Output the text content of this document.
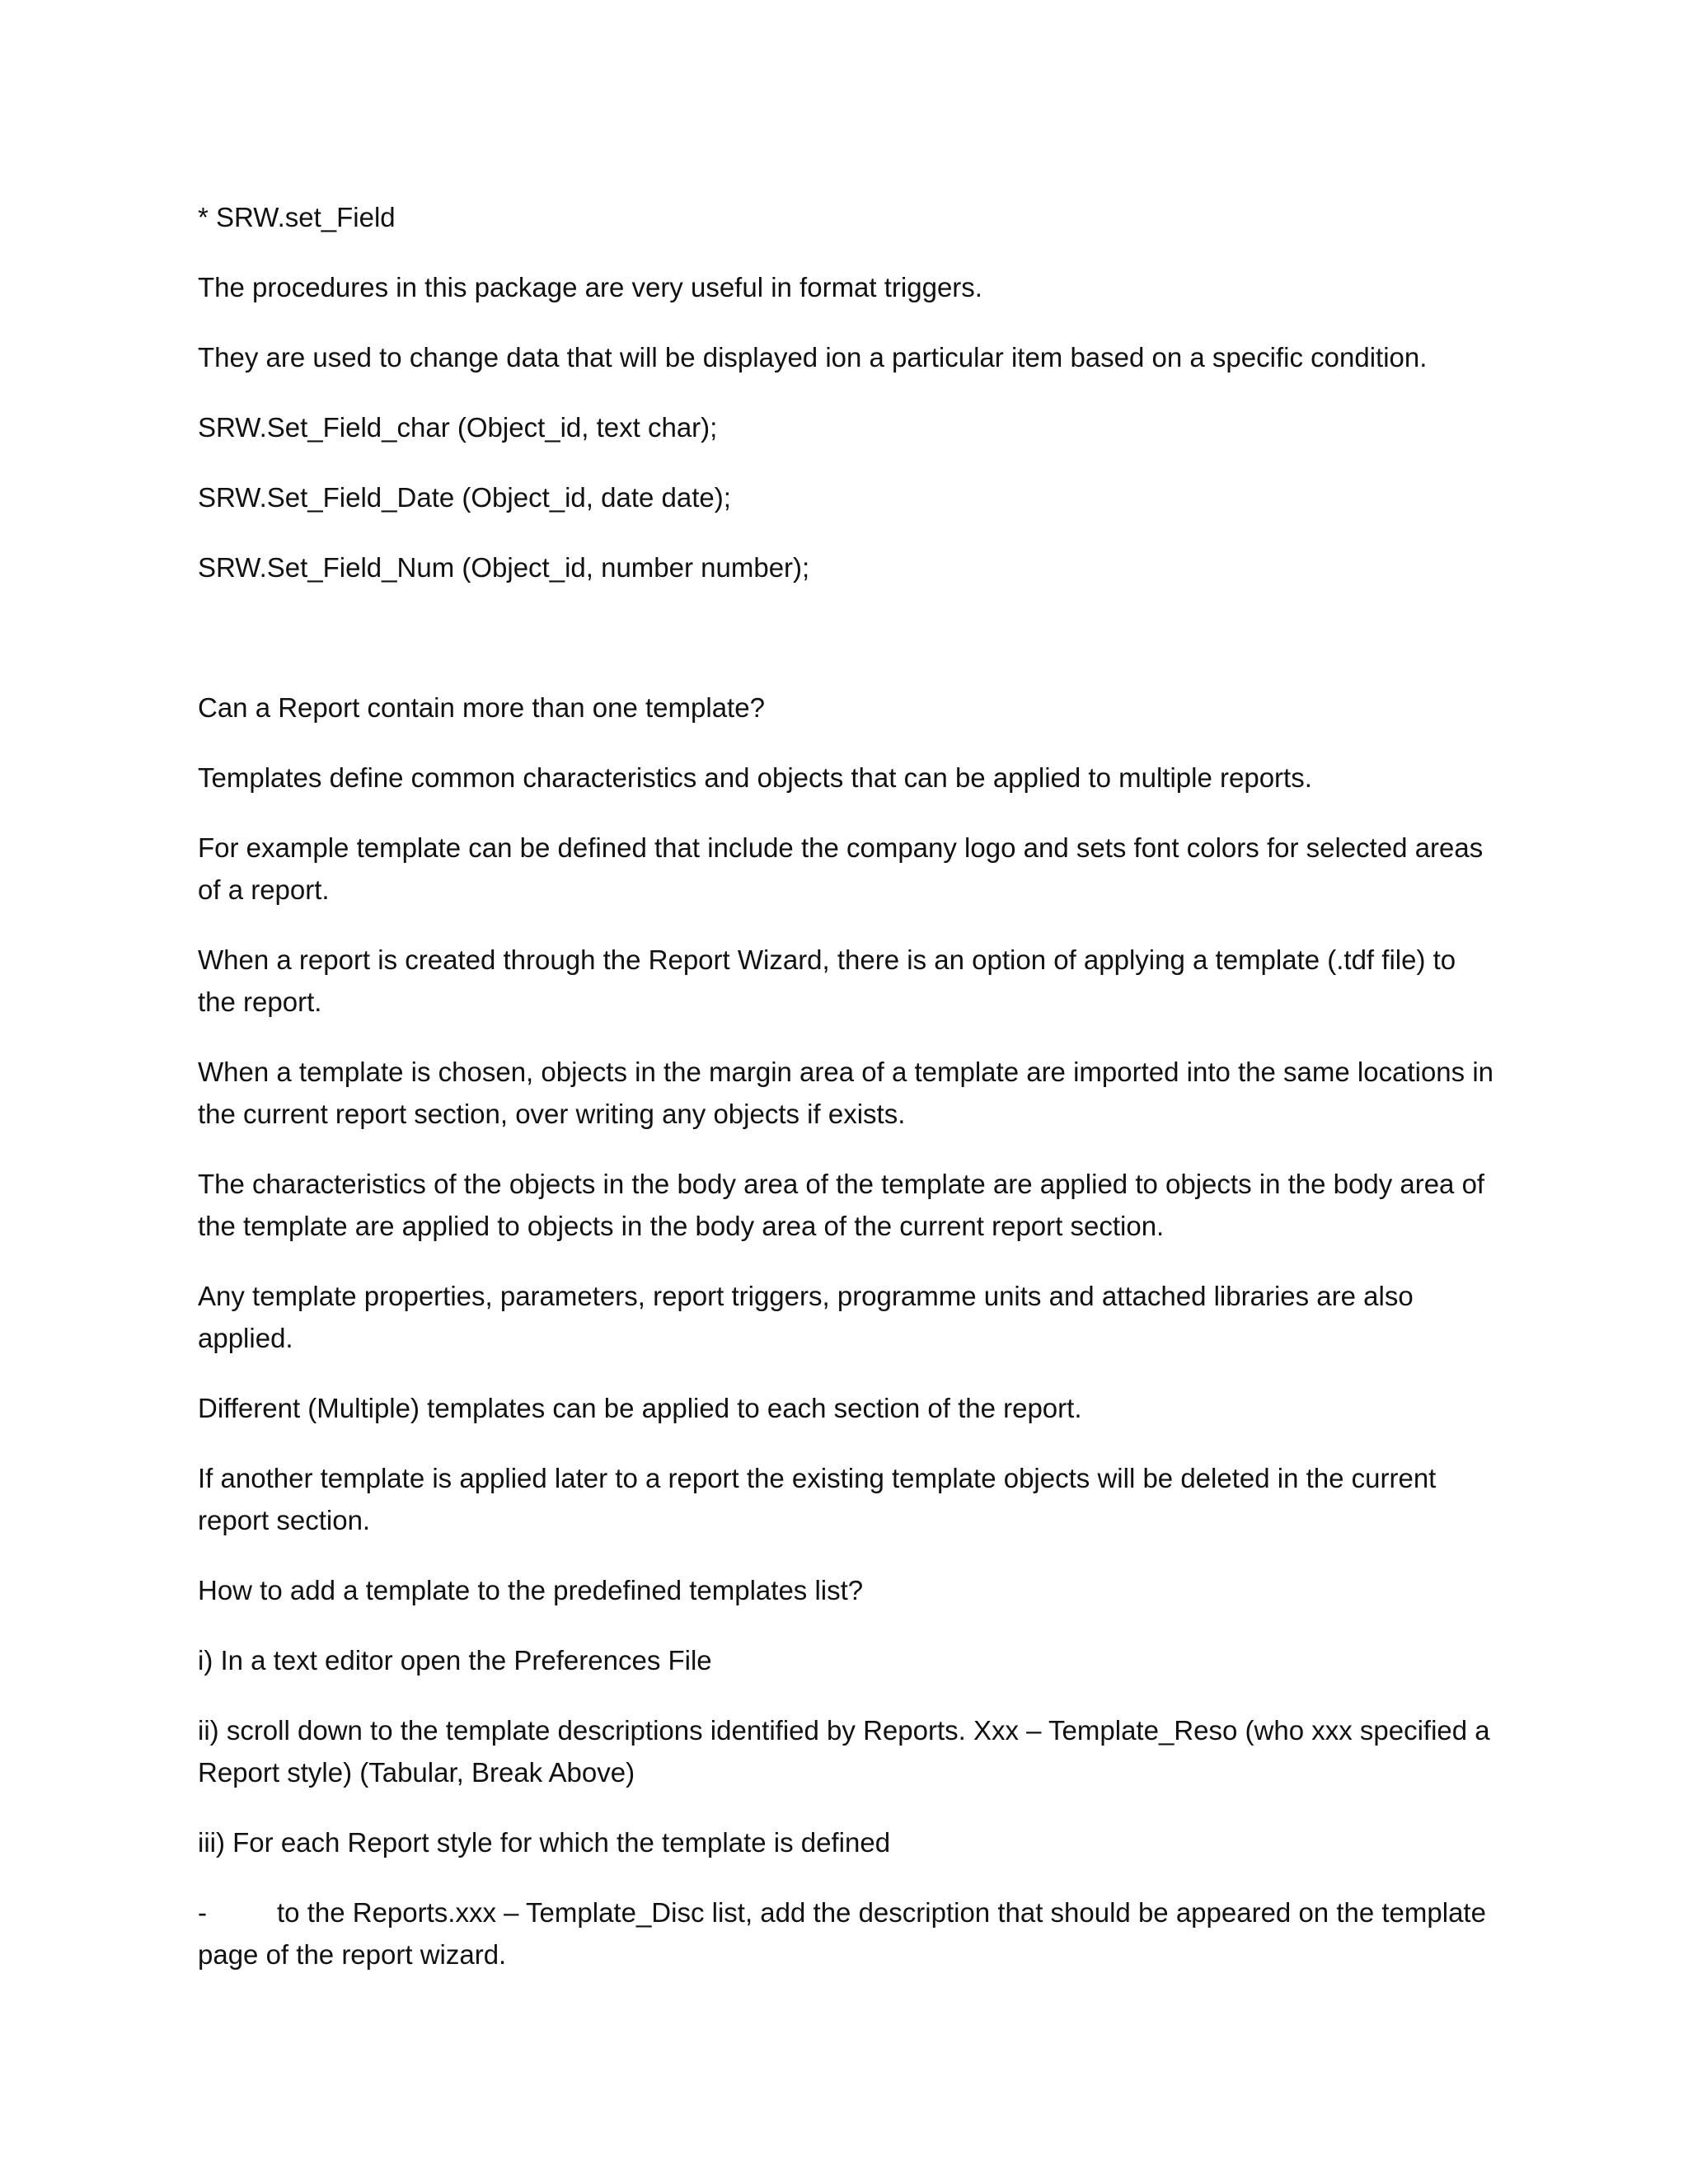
* SRW.set_Field

The procedures in this package are very useful in format triggers.

They are used to change data that will be displayed ion a particular item based on a specific condition.

SRW.Set_Field_char (Object_id, text char);

SRW.Set_Field_Date (Object_id, date date);

SRW.Set_Field_Num (Object_id, number number);

Can a Report contain more than one template?

Templates define common characteristics and objects that can be applied to multiple reports.

For example template can be defined that include the company logo and sets font colors for selected areas of a report.

When a report is created through the Report Wizard, there is an option of applying a template (.tdf file) to the report.

When a template is chosen, objects in the margin area of a template are imported into the same locations in the current report section, over writing any objects if exists.

The characteristics of the objects in the body area of the template are applied to objects in the body area of the template are applied to objects in the body area of the current report section.

Any template properties, parameters, report triggers, programme units and attached libraries are also applied.

Different (Multiple) templates can be applied to each section of the report.

If another template is applied later to a report the existing template objects will be deleted in the current report section.

How to add a template to the predefined templates list?

i) In a text editor open the Preferences File

ii) scroll down to the template descriptions identified by Reports. Xxx – Template_Reso (who xxx specified a Report style) (Tabular, Break Above)

iii) For each Report style for which the template is defined

-	to the Reports.xxx – Template_Disc list, add the description that should be appeared on the template page of the report wizard.
